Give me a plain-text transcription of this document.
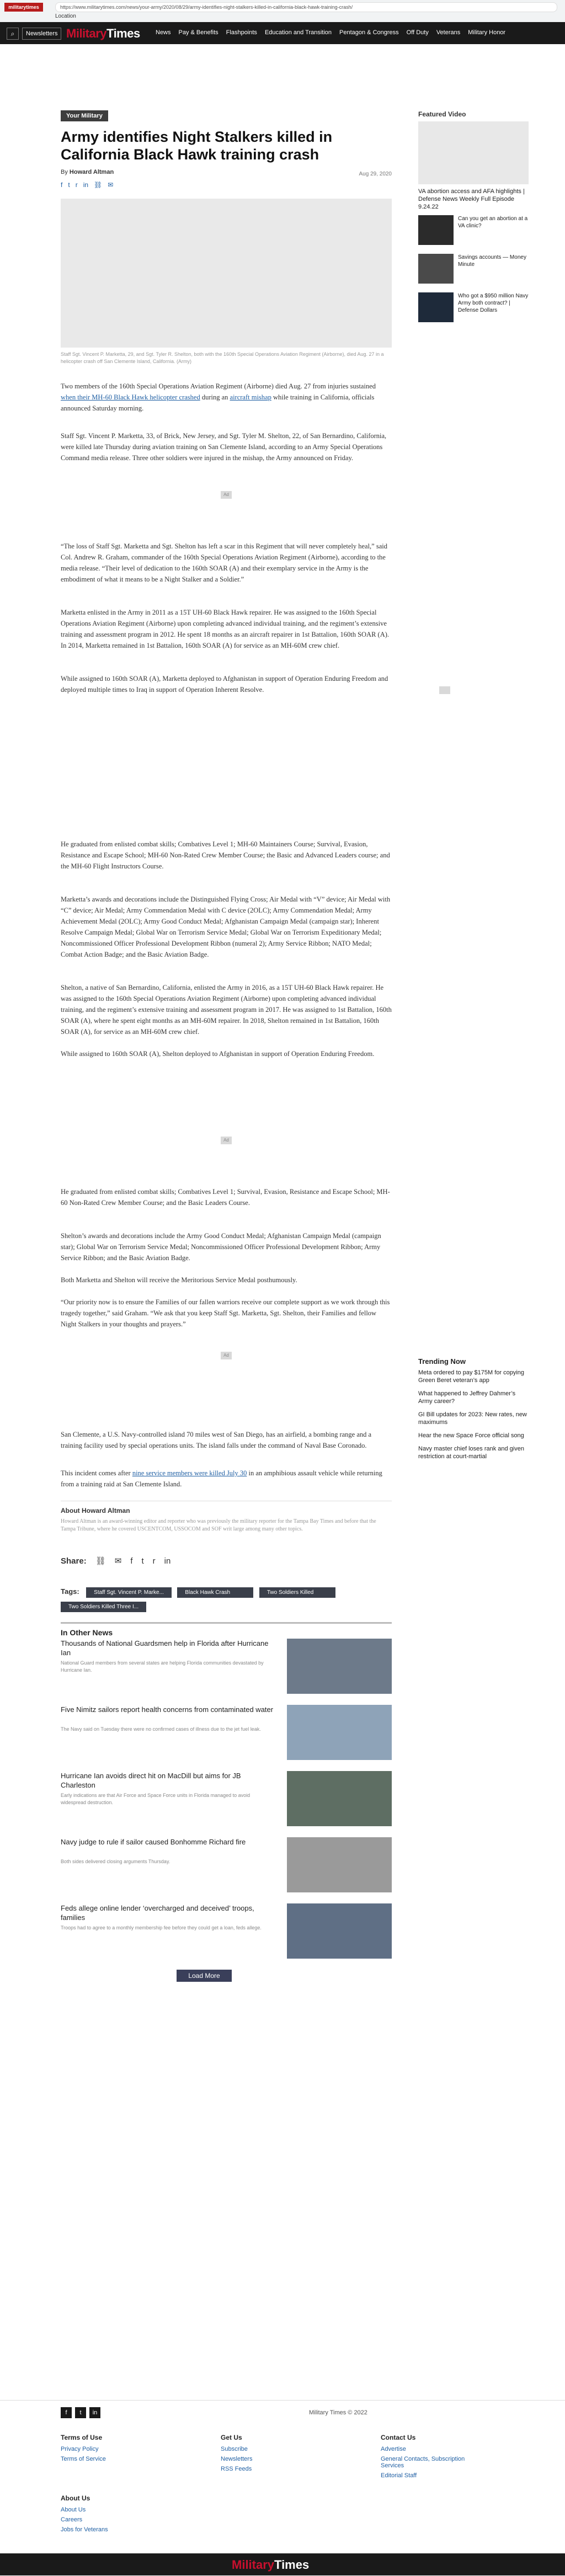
militarytimes	https://www.militarytimes.com/news/your-army/2020/08/29/army-identifies-night-stalkers-killed-in-california-black-hawk-training-crash/
Location
⌕	Newsletters MilitaryTimes	News Pay & Benefits Flashpoints Education and Transition Pentagon & Congress Off Duty Veterans Military Honor
Your Military
Army identifies Night Stalkers killed in California Black Hawk training crash
By Howard Altman	Aug 29, 2020
f t r in ⛓ ✉
Staff Sgt. Vincent P. Marketta, 29, and Sgt. Tyler R. Shelton, both with the 160th Special Operations Aviation Regiment (Airborne), died Aug. 27 in a helicopter crash off San Clemente Island, California. (Army)
Two members of the 160th Special Operations Aviation Regiment (Airborne) died Aug. 27 from injuries sustained when their MH-60 Black Hawk helicopter crashed during an aircraft mishap while training in California, officials announced Saturday morning.
Staff Sgt. Vincent P. Marketta, 33, of Brick, New Jersey, and Sgt. Tyler M. Shelton, 22, of San Bernardino, California, were killed late Thursday during aviation training on San Clemente Island, according to an Army Special Operations Command media release. Three other soldiers were injured in the mishap, the Army announced on Friday.
Ad
“The loss of Staff Sgt. Marketta and Sgt. Shelton has left a scar in this Regiment that will never completely heal,” said Col. Andrew R. Graham, commander of the 160th Special Operations Aviation Regiment (Airborne), according to the media release. “Their level of dedication to the 160th SOAR (A) and their exemplary service in the Army is the embodiment of what it means to be a Night Stalker and a Soldier.”
Marketta enlisted in the Army in 2011 as a 15T UH-60 Black Hawk repairer. He was assigned to the 160th Special Operations Aviation Regiment (Airborne) upon completing advanced individual training, and the regiment’s extensive training and assessment program in 2012. He spent 18 months as an aircraft repairer in 1st Battalion, 160th SOAR (A). In 2014, Marketta remained in 1st Battalion, 160th SOAR (A) for service as an MH-60M crew chief.
While assigned to 160th SOAR (A), Marketta deployed to Afghanistan in support of Operation Enduring Freedom and deployed multiple times to Iraq in support of Operation Inherent Resolve.
He graduated from enlisted combat skills; Combatives Level 1; MH-60 Maintainers Course; Survival, Evasion, Resistance and Escape School; MH-60 Non-Rated Crew Member Course; the Basic and Advanced Leaders course; and the MH-60 Flight Instructors Course.
Marketta’s awards and decorations include the Distinguished Flying Cross; Air Medal with “V” device; Air Medal with “C” device; Air Medal; Army Commendation Medal with C device (2OLC); Army Commendation Medal; Army Achievement Medal (2OLC); Army Good Conduct Medal; Afghanistan Campaign Medal (campaign star); Inherent Resolve Campaign Medal; Global War on Terrorism Service Medal; Global War on Terrorism Expeditionary Medal; Noncommissioned Officer Professional Development Ribbon (numeral 2); Army Service Ribbon; NATO Medal; Combat Action Badge; and the Basic Aviation Badge.
Shelton, a native of San Bernardino, California, enlisted the Army in 2016, as a 15T UH-60 Black Hawk repairer. He was assigned to the 160th Special Operations Aviation Regiment (Airborne) upon completing advanced individual training, and the regiment’s extensive training and assessment program in 2017. He was assigned to 1st Battalion, 160th SOAR (A), where he spent eight months as an MH-60M repairer. In 2018, Shelton remained in 1st Battalion, 160th SOAR (A), for service as an MH-60M crew chief.
While assigned to 160th SOAR (A), Shelton deployed to Afghanistan in support of Operation Enduring Freedom.
Ad
He graduated from enlisted combat skills; Combatives Level 1; Survival, Evasion, Resistance and Escape School; MH-60 Non-Rated Crew Member Course; and the Basic Leaders Course.
Shelton’s awards and decorations include the Army Good Conduct Medal; Afghanistan Campaign Medal (campaign star); Global War on Terrorism Service Medal; Noncommissioned Officer Professional Development Ribbon; Army Service Ribbon; and the Basic Aviation Badge.
Both Marketta and Shelton will receive the Meritorious Service Medal posthumously.
“Our priority now is to ensure the Families of our fallen warriors receive our complete support as we work through this tragedy together,” said Graham. “We ask that you keep Staff Sgt. Marketta, Sgt. Shelton, their Families and fellow Night Stalkers in your thoughts and prayers.”
Ad
San Clemente, a U.S. Navy-controlled island 70 miles west of San Diego, has an airfield, a bombing range and a training facility used by special operations units. The island falls under the command of Naval Base Coronado.
This incident comes after nine service members were killed July 30 in an amphibious assault vehicle while returning from a training raid at San Clemente Island.
About Howard Altman

Howard Altman is an award-winning editor and reporter who was previously the military reporter for the Tampa Bay Times and before that the Tampa Tribune, where he covered USCENTCOM, USSOCOM and SOF writ large among many other topics.

Share: ⛓ ✉ f t r in
Tags:	Staff Sgt. Vincent P. Marke...	Black Hawk Crash	Two Soldiers Killed Two Soldiers Killed Three I...
In Other News
Thousands of National Guardsmen help in Florida after Hurricane Ian
National Guard members from several states are helping Florida communities devastated by Hurricane Ian.
Five Nimitz sailors report health concerns from contaminated water
The Navy said on Tuesday there were no confirmed cases of illness due to the jet fuel leak.
Hurricane Ian avoids direct hit on MacDill but aims for JB Charleston
Early indications are that Air Force and Space Force units in Florida managed to avoid widespread destruction.
Navy judge to rule if sailor caused Bonhomme Richard fire
Both sides delivered closing arguments Thursday.
Feds allege online lender ‘overcharged and deceived’ troops, families
Troops had to agree to a monthly membership fee before they could get a loan, feds allege.
Load More
Featured Video
VA abortion access and AFA highlights | Defense News Weekly Full Episode 9.24.22
Can you get an abortion at a VA clinic?
Savings accounts — Money Minute
Who got a $950 million Navy Army both contract? | Defense Dollars
Trending Now
Meta ordered to pay $175M for copying Green Beret veteran’s app
What happened to Jeffrey Dahmer’s Army career?
GI Bill updates for 2023: New rates, new maximums
Hear the new Space Force official song
Navy master chief loses rank and given restriction at court-martial
f	t	in	Military Times © 2022
Terms of Use
Privacy Policy
Terms of Service
Get Us
Subscribe
Newsletters
RSS Feeds
Contact Us
Advertise
General Contacts, Subscription Services
Editorial Staff
About Us
About Us
Careers
Jobs for Veterans
MilitaryTimes
